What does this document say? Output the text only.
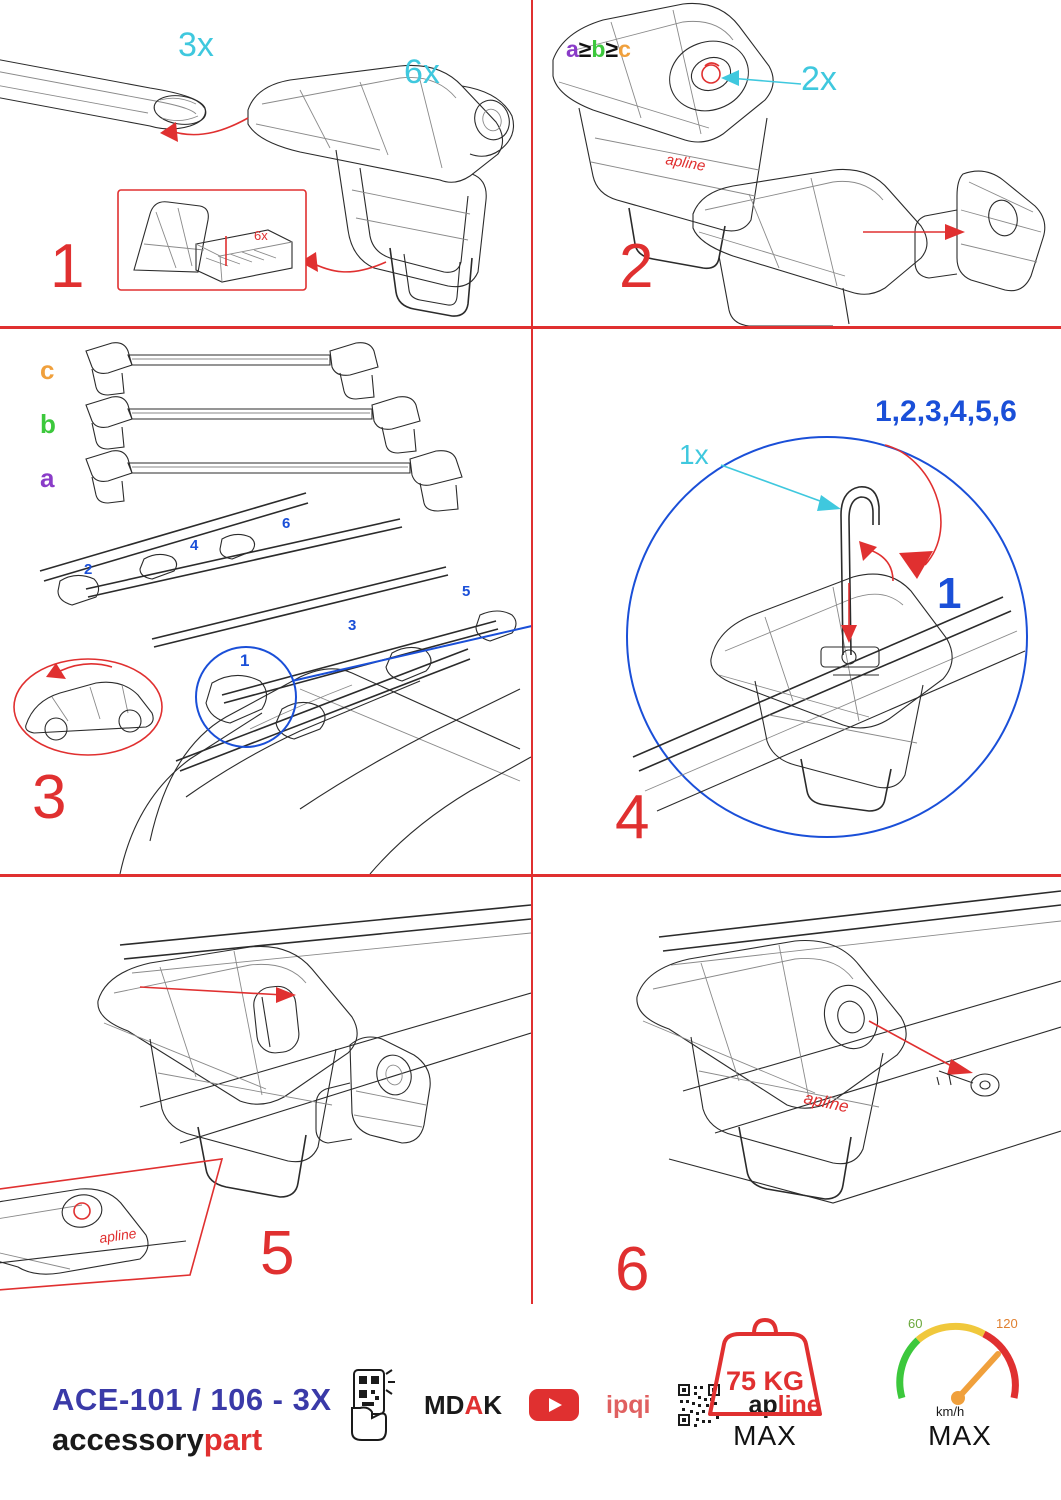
6x
3x
6x
1
apline
2x
2
c
b
a
2
4
6
3
5
1
3
1x
1,2,3,4,5,6
1
4
a≥b≥c
apline 5
apline
6
ACE-101 / 106 - 3X
accessorypart
MDAK	ipqi	apline
75 KG
MAX
60	120
km/h
MAX
